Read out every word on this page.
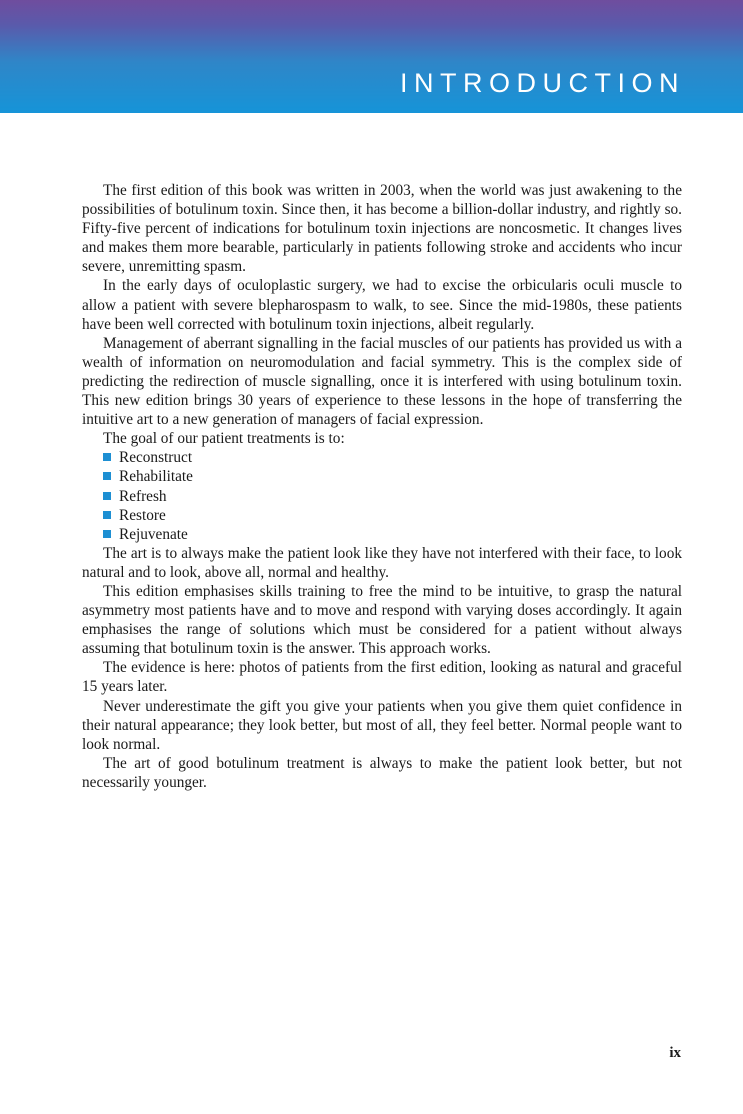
INTRODUCTION

The first edition of this book was written in 2003, when the world was just awakening to the possibilities of botulinum toxin. Since then, it has become a billion-dollar industry, and rightly so. Fifty-five percent of indications for botulinum toxin injections are noncosmetic. It changes lives and makes them more bearable, particularly in patients following stroke and accidents who incur severe, unremitting spasm.

In the early days of oculoplastic surgery, we had to excise the orbicularis oculi muscle to allow a patient with severe blepharospasm to walk, to see. Since the mid-1980s, these patients have been well corrected with botulinum toxin injections, albeit regularly.

Management of aberrant signalling in the facial muscles of our patients has provided us with a wealth of information on neuromodulation and facial symmetry. This is the complex side of predicting the redirection of muscle signalling, once it is interfered with using botulinum toxin. This new edition brings 30 years of experience to these lessons in the hope of transferring the intuitive art to a new generation of managers of facial expression.

The goal of our patient treatments is to:

Reconstruct
Rehabilitate
Refresh
Restore
Rejuvenate

The art is to always make the patient look like they have not interfered with their face, to look natural and to look, above all, normal and healthy.

This edition emphasises skills training to free the mind to be intuitive, to grasp the natural asymmetry most patients have and to move and respond with varying doses accordingly. It again emphasises the range of solutions which must be considered for a patient without always assuming that botulinum toxin is the answer. This approach works.

The evidence is here: photos of patients from the first edition, looking as natural and graceful 15 years later.

Never underestimate the gift you give your patients when you give them quiet confidence in their natural appearance; they look better, but most of all, they feel better. Normal people want to look normal.

The art of good botulinum treatment is always to make the patient look better, but not necessarily younger.

ix
